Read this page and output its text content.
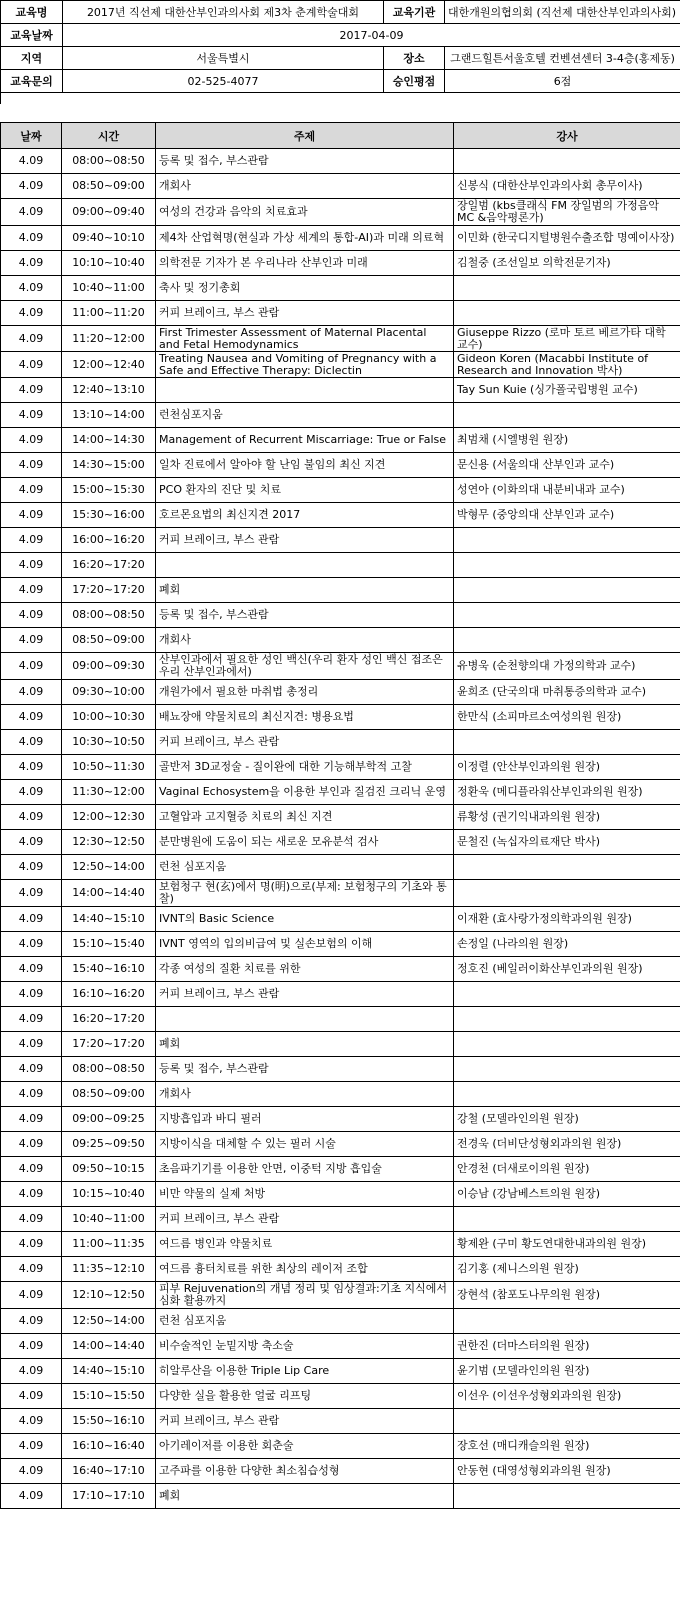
교육명	2017년 직선제 대한산부인과의사회 제3차 춘계학술대회	교육기관	대한개원의협의회 (직선제 대한산부인과의사회)
교육날짜	2017-04-09		
지역	서울특별시	장소	그랜드힐튼서울호텔 컨벤션센터 3-4층(홍제동)
교육문의	02-525-4077	승인평점	6점

날짜	시간	주제	강사
4.09	08:00~08:50	등록 및 접수, 부스관람	
4.09	08:50~09:00	개회사	신봉식 (대한산부인과의사회 총무이사)
4.09	09:00~09:40	여성의 건강과 음악의 치료효과	장일범 (kbs클래식 FM 장일범의 가정음악 MC &음악평론가)
4.09	09:40~10:10	제4차 산업혁명(현실과 가상 세계의 통합-AI)과 미래 의료혁	이민화 (한국디지털병원수출조합 명예이사장)
4.09	10:10~10:40	의학전문 기자가 본 우리나라 산부인과 미래	김철중 (조선일보 의학전문기자)
4.09	10:40~11:00	축사 및 정기총회	
4.09	11:00~11:20	커피 브레이크, 부스 관람	
4.09	11:20~12:00	First Trimester Assessment of Maternal Placental and Fetal Hemodynamics	Giuseppe Rizzo (로마 토르 베르가타 대학 교수)
4.09	12:00~12:40	Treating Nausea and Vomiting of Pregnancy with a Safe and Effective Therapy: Diclectin	Gideon Koren (Macabbi Institute of Research and Innovation 박사)
4.09	12:40~13:10		Tay Sun Kuie (싱가폴국립병원 교수)
4.09	13:10~14:00	런천심포지움	
4.09	14:00~14:30	Management of Recurrent Miscarriage: True or False	최범채 (시엘병원 원장)
4.09	14:30~15:00	일차 진료에서 알아야 할 난임 불임의 최신 지견	문신용 (서울의대 산부인과 교수)
4.09	15:00~15:30	PCO 환자의 진단 및 치료	성연아 (이화의대 내분비내과 교수)
4.09	15:30~16:00	호르몬요법의 최신지견 2017	박형무 (중앙의대 산부인과 교수)
4.09	16:00~16:20	커피 브레이크, 부스 관람	
4.09	16:20~17:20		
4.09	17:20~17:20	폐회	
4.09	08:00~08:50	등록 및 접수, 부스관람	
4.09	08:50~09:00	개회사	
4.09	09:00~09:30	산부인과에서 필요한 성인 백신(우리 환자 성인 백신 접조은 우리 산부인과에서)	유병욱 (순천향의대 가정의학과 교수)
4.09	09:30~10:00	개원가에서 필요한 마취법 총정리	윤희조 (단국의대 마취통증의학과 교수)
4.09	10:00~10:30	배뇨장애 약물치료의 최신지견: 병용요법	한만식 (소피마르소여성의원 원장)
4.09	10:30~10:50	커피 브레이크, 부스 관람	
4.09	10:50~11:30	골반저 3D교정술 - 질이완에 대한 기능해부학적 고찰	이정렬 (안산부인과의원 원장)
4.09	11:30~12:00	Vaginal Echosystem을 이용한 부인과 질검진 크리닉 운영	정환욱 (메디플라워산부인과의원 원장)
4.09	12:00~12:30	고혈압과 고지혈증 치료의 최신 지견	류황성 (권기익내과의원 원장)
4.09	12:30~12:50	분만병원에 도움이 되는 새로운 모유분석 검사	문철진 (녹십자의료재단 박사)
4.09	12:50~14:00	런천 심포지움	
4.09	14:00~14:40	보험청구 현(玄)에서 명(明)으로(부제: 보험청구의 기초와 통찰)	
4.09	14:40~15:10	IVNT의 Basic Science	이재환 (효사랑가정의학과의원 원장)
4.09	15:10~15:40	IVNT 영역의 입의비급여 및 실손보험의 이해	손정일 (나라의원 원장)
4.09	15:40~16:10	각종 여성의 질환 치료를 위한	정호진 (베일러이화산부인과의원 원장)
4.09	16:10~16:20	커피 브레이크, 부스 관람	
4.09	16:20~17:20		
4.09	17:20~17:20	폐회	
4.09	08:00~08:50	등록 및 접수, 부스관람	
4.09	08:50~09:00	개회사	
4.09	09:00~09:25	지방흡입과 바디 필러	강철 (모델라인의원 원장)
4.09	09:25~09:50	지방이식을 대체할 수 있는 필러 시술	전경욱 (더비단성형외과의원 원장)
4.09	09:50~10:15	초음파기기를 이용한 안면, 이중턱 지방 흡입술	안경천 (더새로이의원 원장)
4.09	10:15~10:40	비만 약물의 실제 처방	이승남 (강남베스트의원 원장)
4.09	10:40~11:00	커피 브레이크, 부스 관람	
4.09	11:00~11:35	여드름 병인과 약물치료	황제완 (구미 황도연대한내과의원 원장)
4.09	11:35~12:10	여드름 흉터치료를 위한 최상의 레이저 조합	김기홍 (제니스의원 원장)
4.09	12:10~12:50	피부 Rejuvenation의 개념 정리 및 임상결과:기초 지식에서 심화 활용까지	장현석 (참포도나무의원 원장)
4.09	12:50~14:00	런천 심포지움	
4.09	14:00~14:40	비수술적인 눈밑지방 축소술	권한진 (더마스터의원 원장)
4.09	14:40~15:10	히알루산을 이용한 Triple Lip Care	윤기범 (모델라인의원 원장)
4.09	15:10~15:50	다양한 실을 활용한 얼굴 리프팅	이선우 (이선우성형외과의원 원장)
4.09	15:50~16:10	커피 브레이크, 부스 관람	
4.09	16:10~16:40	아기레이저를 이용한 회춘술	장호선 (매디캐슬의원 원장)
4.09	16:40~17:10	고주파를 이용한 다양한 최소침습성형	안동현 (대영성형외과의원 원장)
4.09	17:10~17:10	폐회	
